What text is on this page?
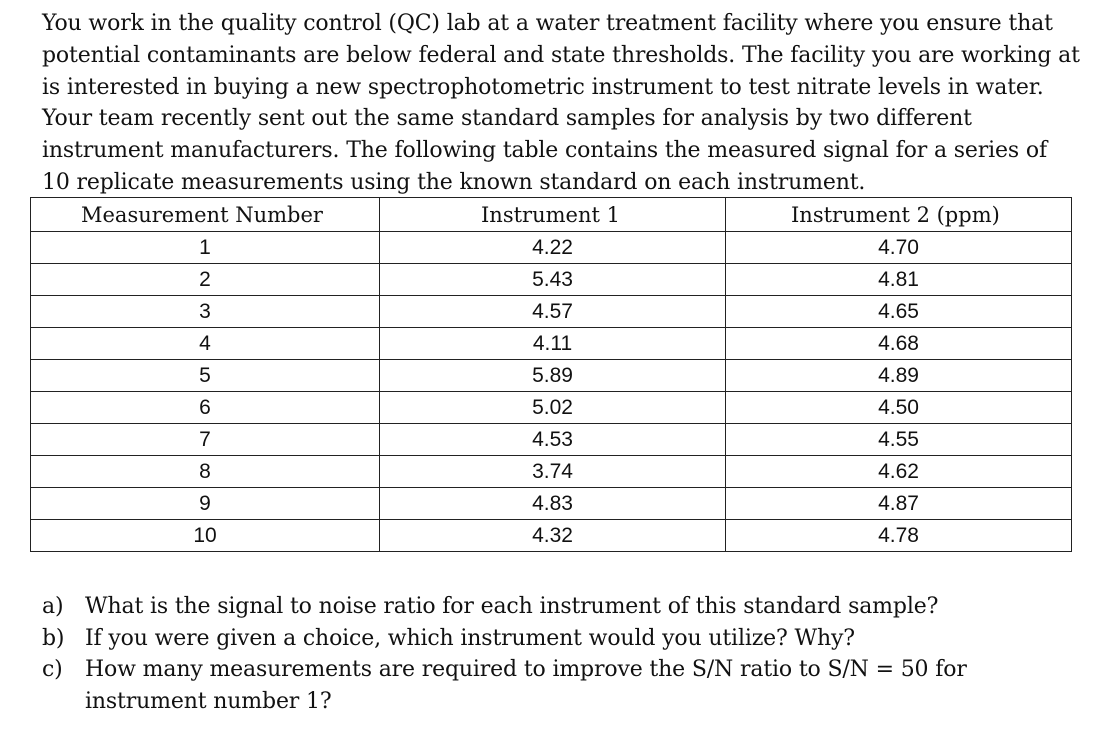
You work in the quality control (QC) lab at a water treatment facility where you ensure that
potential contaminants are below federal and state thresholds. The facility you are working at
is interested in buying a new spectrophotometric instrument to test nitrate levels in water.
Your team recently sent out the same standard samples for analysis by two different
instrument manufacturers. The following table contains the measured signal for a series of
10 replicate measurements using the known standard on each instrument.
Measurement Number	Instrument 1	Instrument 2 (ppm)
1	4.22	4.70
2	5.43	4.81
3	4.57	4.65
4	4.11	4.68
5	5.89	4.89
6	5.02	4.50
7	4.53	4.55
8	3.74	4.62
9	4.83	4.87
10	4.32	4.78
a) What is the signal to noise ratio for each instrument of this standard sample?
b) If you were given a choice, which instrument would you utilize? Why?
c) How many measurements are required to improve the S/N ratio to S/N = 50 for
instrument number 1?
